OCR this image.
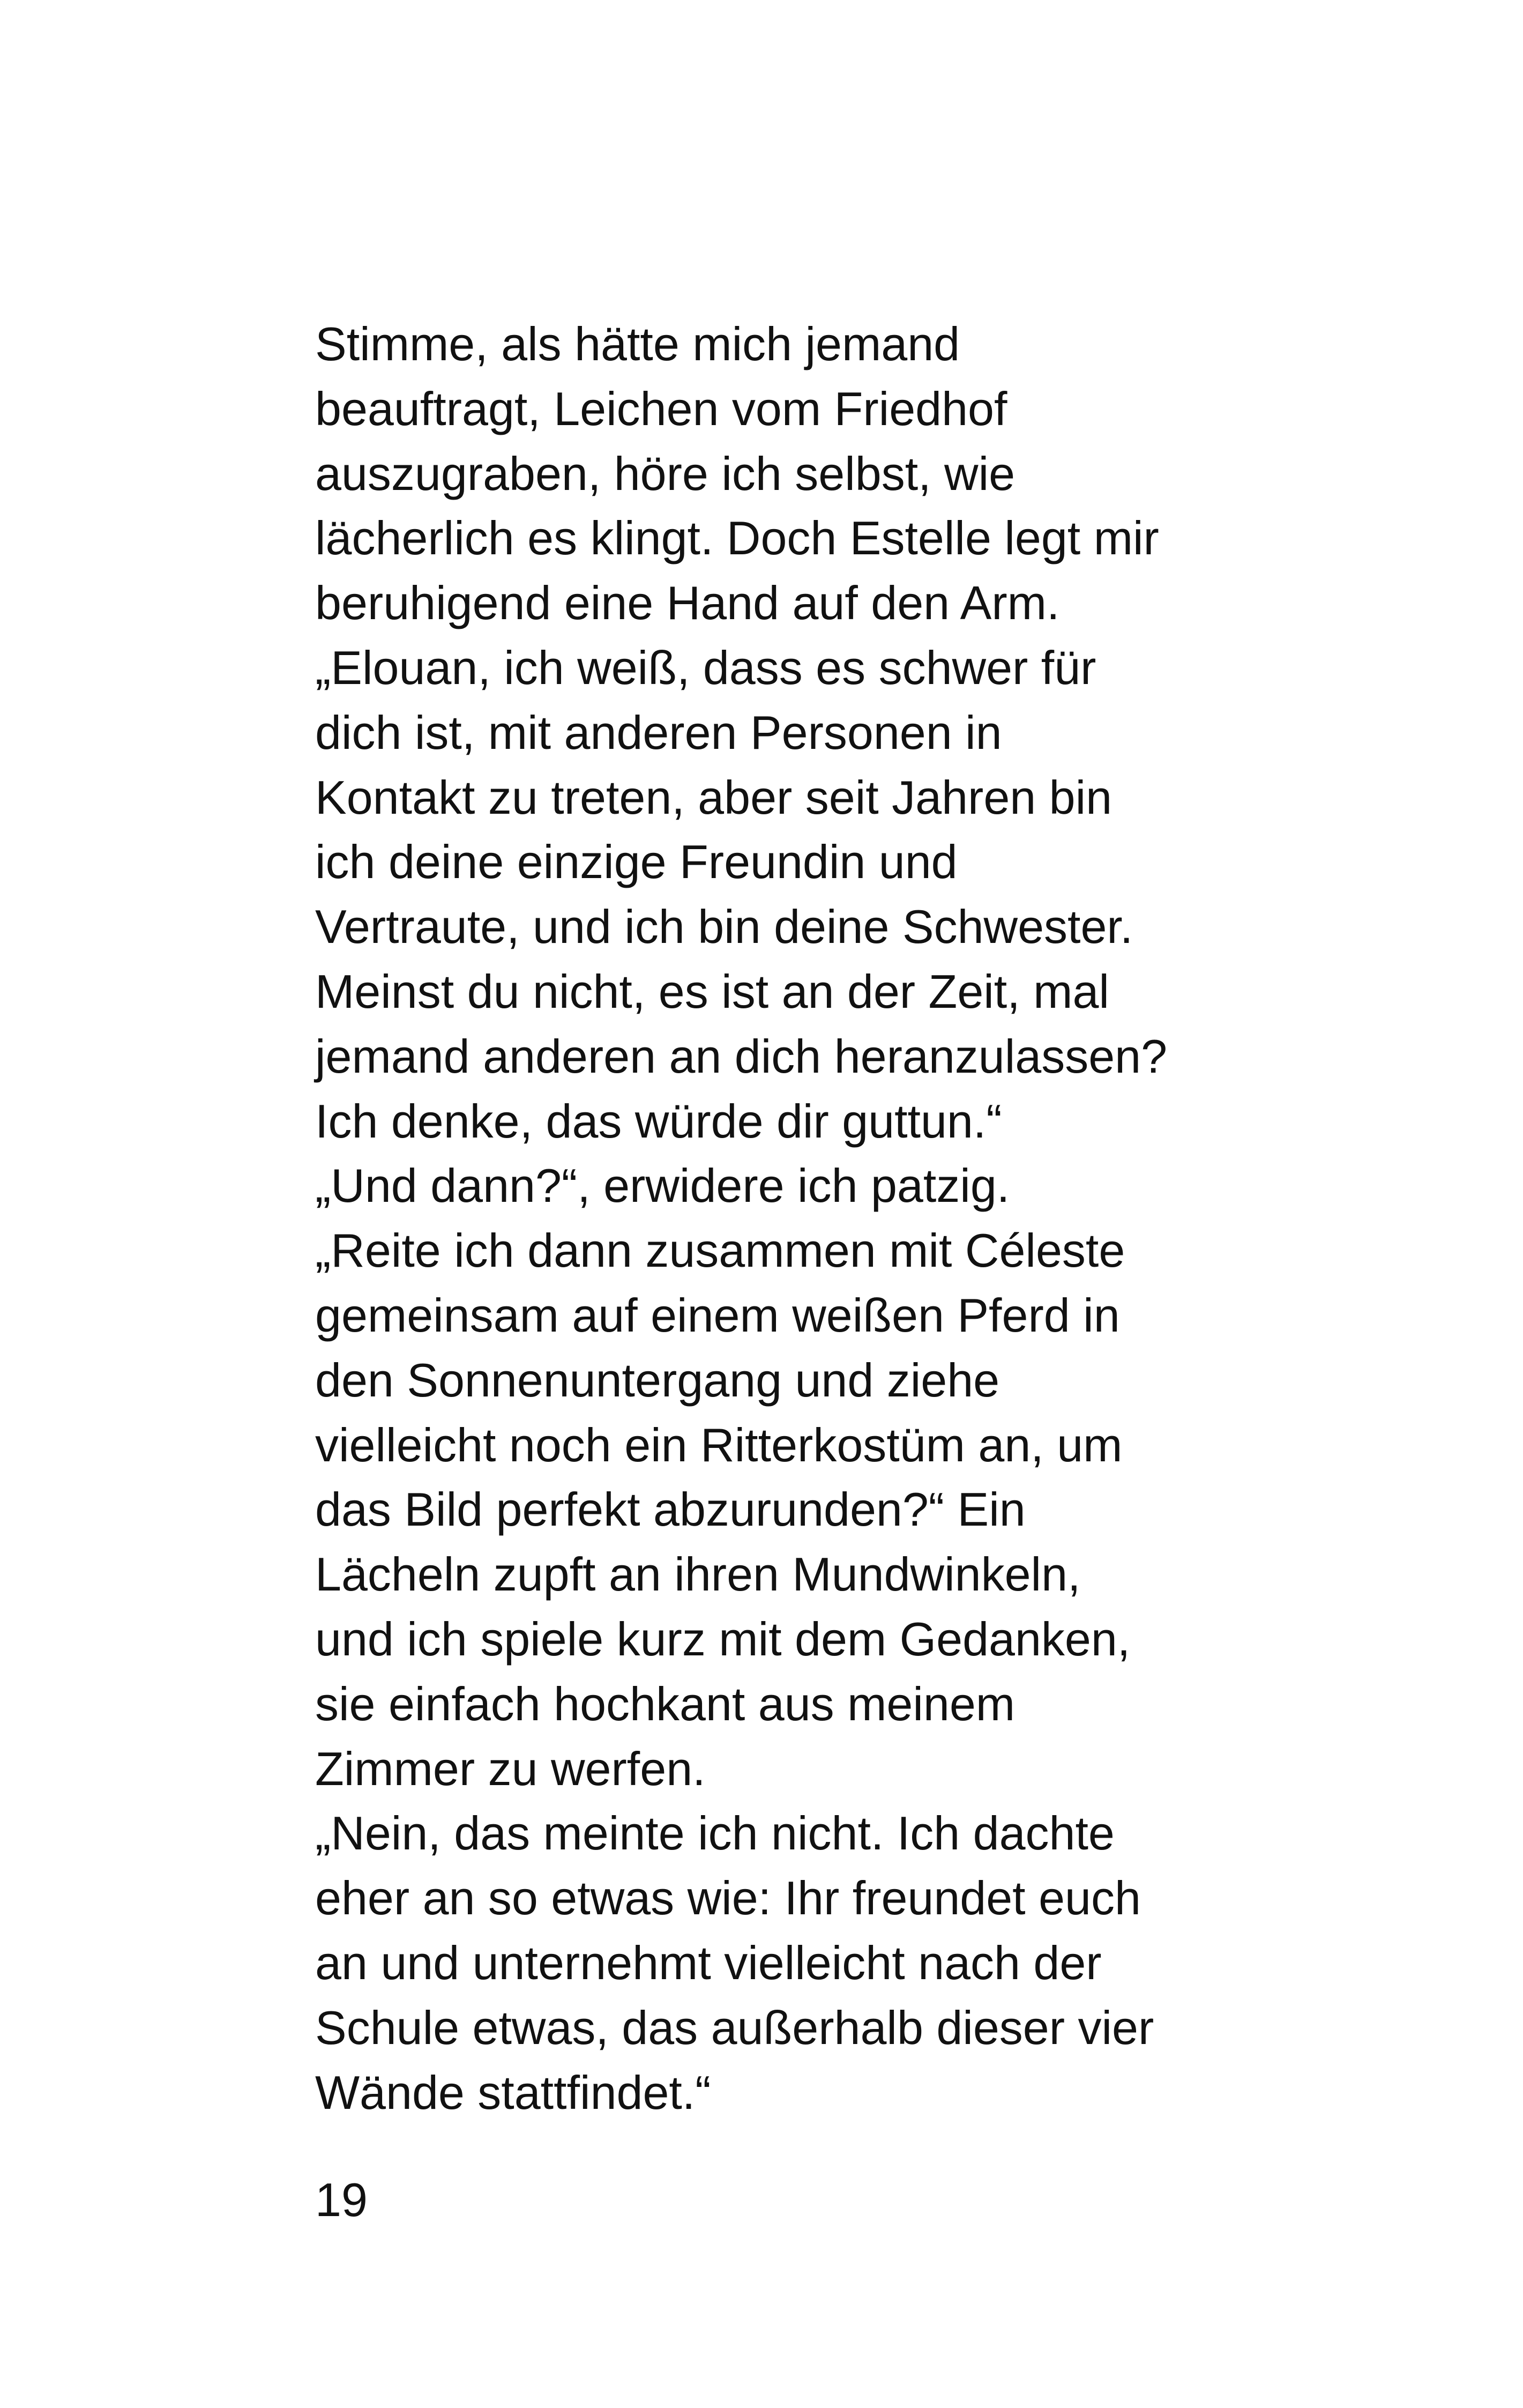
Stimme, als hätte mich jemand

beauftragt, Leichen vom Friedhof

auszugraben, höre ich selbst, wie

lächerlich es klingt. Doch Estelle legt mir

beruhigend eine Hand auf den Arm.

„Elouan, ich weiß, dass es schwer für

dich ist, mit anderen Personen in

Kontakt zu treten, aber seit Jahren bin

ich deine einzige Freundin und

Vertraute, und ich bin deine Schwester.

Meinst du nicht, es ist an der Zeit, mal

jemand anderen an dich heranzulassen?

Ich denke, das würde dir guttun.“

„Und dann?“, erwidere ich patzig.

„Reite ich dann zusammen mit Céleste

gemeinsam auf einem weißen Pferd in

den Sonnenuntergang und ziehe

vielleicht noch ein Ritterkostüm an, um

das Bild perfekt abzurunden?“ Ein

Lächeln zupft an ihren Mundwinkeln,

und ich spiele kurz mit dem Gedanken,

sie einfach hochkant aus meinem

Zimmer zu werfen.

„Nein, das meinte ich nicht. Ich dachte

eher an so etwas wie: Ihr freundet euch

an und unternehmt vielleicht nach der

Schule etwas, das außerhalb dieser vier

Wände stattfindet.“

19
